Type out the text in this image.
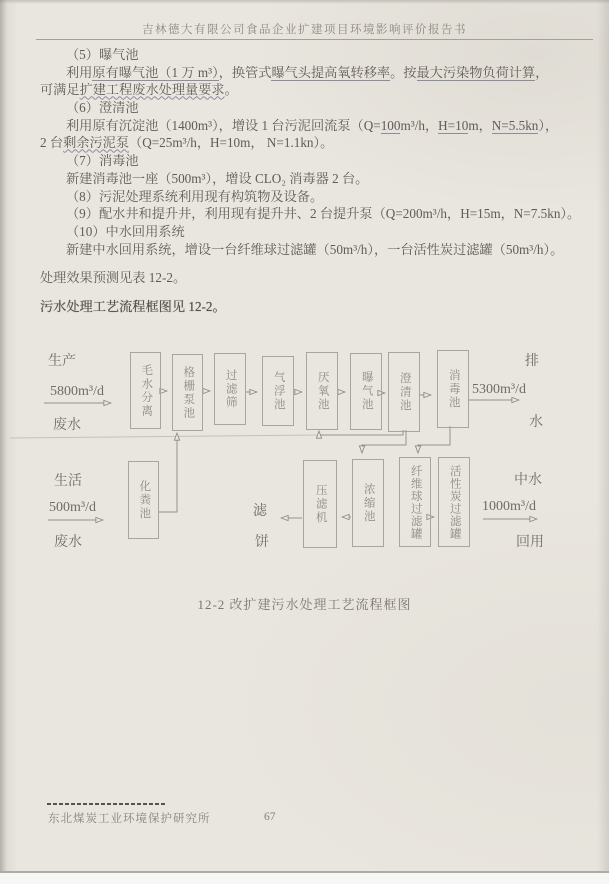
吉林德大有限公司食品企业扩建项目环境影响评价报告书
（5）曝气池
利用原有曝气池（1 万 m³），换管式曝气头提高氧转移率。按最大污染物负荷计算，
可满足扩建工程废水处理量要求。
（6）澄清池
利用原有沉淀池（1400m³），增设 1 台污泥回流泵（Q=100m³/h，H=10m，N=5.5kn），
2 台剩余污泥泵（Q=25m³/h，H=10m， N=1.1kn）。
（7）消毒池
新建消毒池一座（500m³），增设 CLO₂ 消毒器 2 台。
（8）污泥处理系统利用现有构筑物及设备。
（9）配水井和提升井，利用现有提升井、2 台提升泵（Q=200m³/h，H=15m，N=7.5kn）。
（10）中水回用系统
新建中水回用系统，增设一台纤维球过滤罐（50m³/h），一台活性炭过滤罐（50m³/h）。
处理效果预测见表 12-2。
污水处理工艺流程框图见 12-2。
毛水分离	格栅泵池	过滤筛	气浮池	厌氧池	曝气池	澄清池	消毒池
化粪池	压滤机	浓缩池	纤维球过滤罐	活性炭过滤罐
生产
5800m³/d
废水
排
5300m³/d
水
生活
500m³/d
废水
滤
饼
中水
1000m³/d
回用
12-2 改扩建污水处理工艺流程框图
东北煤炭工业环境保护研究所	67
